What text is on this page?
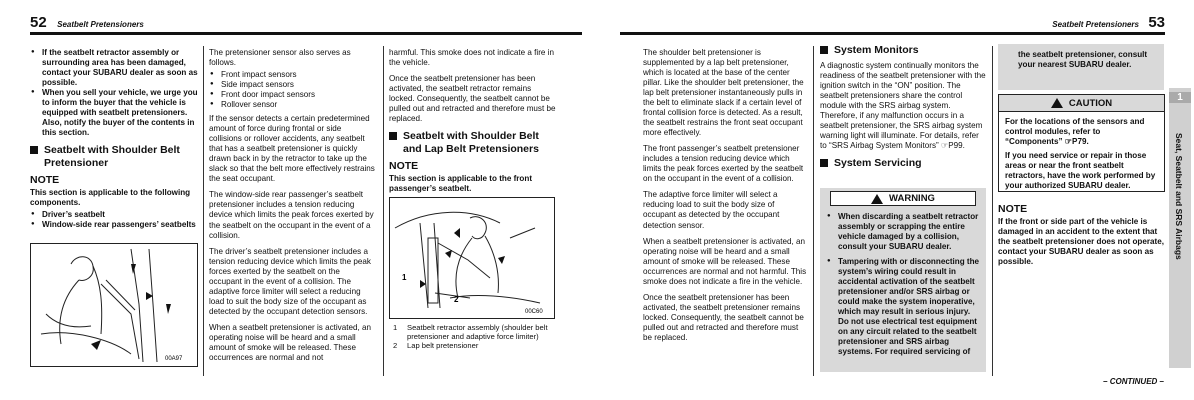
52 Seatbelt Pretensioners	Seatbelt Pretensioners 53
● If the seatbelt retractor assembly or surrounding area has been damaged, contact your SUBARU dealer as soon as possible.
● When you sell your vehicle, we urge you to inform the buyer that the vehicle is equipped with seatbelt pretensioners. Also, notify the buyer of the contents in this section.
Seatbelt with Shoulder Belt Pretensioner
NOTE

This section is applicable to the following components.

● Driver’s seatbelt
● Window-side rear passengers’ seatbelts
00A97

The pretensioner sensor also serves as follows.

● Front impact sensors
● Side impact sensors
● Front door impact sensors
● Rollover sensor

If the sensor detects a certain predetermined amount of force during frontal or side collisions or rollover accidents, any seatbelt that has a seatbelt pretensioner is quickly drawn back in by the retractor to take up the slack so that the belt more effectively restrains the seat occupant.

The window-side rear passenger’s seatbelt pretensioner includes a tension reducing device which limits the peak forces exerted by the seatbelt on the occupant in the event of a collision.

The driver’s seatbelt pretensioner includes a tension reducing device which limits the peak forces exerted by the seatbelt on the occupant in the event of a collision. The adaptive force limiter will select a reducing load to suit the body size of the occupant as detected by the occupant detection sensors.

When a seatbelt pretensioner is activated, an operating noise will be heard and a small amount of smoke will be released. These occurrences are normal and not

harmful. This smoke does not indicate a fire in the vehicle.

Once the seatbelt pretensioner has been activated, the seatbelt retractor remains locked. Consequently, the seatbelt cannot be pulled out and retracted and therefore must be replaced.

Seatbelt with Shoulder Belt and Lap Belt Pretensioners
NOTE

This section is applicable to the front passenger’s seatbelt.

1
2
00C60
1 Seatbelt retractor assembly (shoulder belt pretensioner and adaptive force limiter)
2 Lap belt pretensioner

The shoulder belt pretensioner is supplemented by a lap belt pretensioner, which is located at the base of the center pillar. Like the shoulder belt pretensioner, the lap belt pretensioner instantaneously pulls in the belt to eliminate slack if a certain level of frontal collision force is detected. As a result, the seatbelt restrains the front seat occupant more effectively.

The front passenger’s seatbelt pretensioner includes a tension reducing device which limits the peak forces exerted by the seatbelt on the occupant in the event of a collision.

The adaptive force limiter will select a reducing load to suit the body size of occupant as detected by the occupant detection sensor.

When a seatbelt pretensioner is activated, an operating noise will be heard and a small amount of smoke will be released. These occurrences are normal and not harmful. This smoke does not indicate a fire in the vehicle.

Once the seatbelt pretensioner has been activated, the seatbelt pretensioner remains locked. Consequently, the seatbelt cannot be pulled out and retracted and therefore must be replaced.

System Monitors

A diagnostic system continually monitors the readiness of the seatbelt pretensioner with the ignition switch in the “ON” position. The seatbelt pretensioners share the control module with the SRS airbag system. Therefore, if any malfunction occurs in a seatbelt pretensioner, the SRS airbag system warning light will illuminate. For details, refer to “SRS Airbag System Monitors” ☞P99.

System Servicing
WARNING
● When discarding a seatbelt retractor assembly or scrapping the entire vehicle damaged by a collision, consult your SUBARU dealer.
● Tampering with or disconnecting the system’s wiring could result in accidental activation of the seatbelt pretensioner and/or SRS airbag or could make the system inoperative, which may result in serious injury. Do not use electrical test equipment on any circuit related to the seatbelt pretensioner and SRS airbag systems. For required servicing of

the seatbelt pretensioner, consult your nearest SUBARU dealer.

CAUTION

For the locations of the sensors and control modules, refer to “Components” ☞P79.

If you need service or repair in those areas or near the front seatbelt retractors, have the work performed by your authorized SUBARU dealer.

NOTE

If the front or side part of the vehicle is damaged in an accident to the extent that the seatbelt pretensioner does not operate, contact your SUBARU dealer as soon as possible.

1
Seat, Seatbelt and SRS Airbags
– CONTINUED –
